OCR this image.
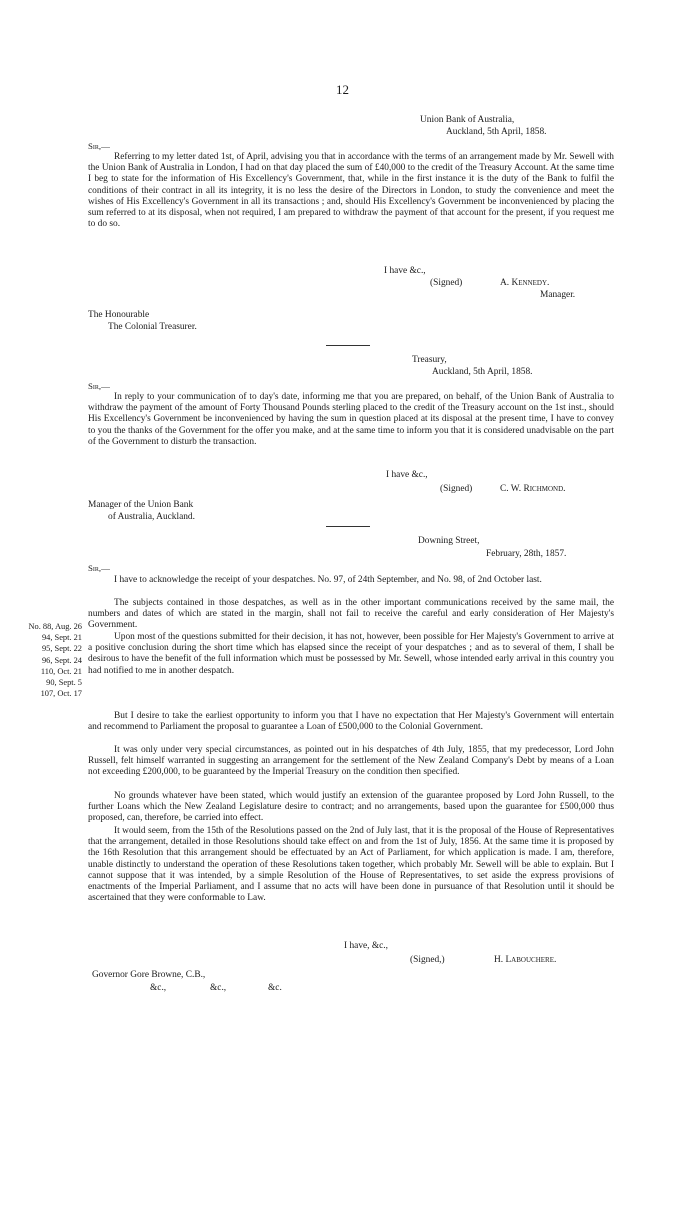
12
Union Bank of Australia,
Auckland, 5th April, 1858.
Sir,—

Referring to my letter dated 1st, of April, advising you that in accordance with the terms of an arrangement made by Mr. Sewell with the Union Bank of Australia in London, I had on that day placed the sum of £40,000 to the credit of the Treasury Account. At the same time I beg to state for the information of His Excellency's Government, that, while in the first instance it is the duty of the Bank to fulfil the conditions of their contract in all its integrity, it is no less the desire of the Directors in London, to study the convenience and meet the wishes of His Excellency's Government in all its transactions ; and, should His Excellency's Government be inconvenienced by placing the sum referred to at its disposal, when not required, I am prepared to withdraw the payment of that account for the present, if you request me to do so.

I have &c.,
(Signed)	A. Kennedy.
Manager.
The Honourable
The Colonial Treasurer.
Treasury,
Auckland, 5th April, 1858.
Sir,—

In reply to your communication of to day's date, informing me that you are prepared, on behalf, of the Union Bank of Australia to withdraw the payment of the amount of Forty Thousand Pounds sterling placed to the credit of the Treasury account on the 1st inst., should His Excellency's Government be inconvenienced by having the sum in question placed at its disposal at the present time, I have to convey to you the thanks of the Government for the offer you make, and at the same time to inform you that it is considered unadvisable on the part of the Government to disturb the transaction.

I have &c.,
(Signed)	C. W. Richmond.
Manager of the Union Bank
of Australia, Auckland.
Downing Street,
February, 28th, 1857.
Sir,—

I have to acknowledge the receipt of your despatches. No. 97, of 24th September, and No. 98, of 2nd October last.

The subjects contained in those despatches, as well as in the other important communications received by the same mail, the numbers and dates of which are stated in the margin, shall not fail to receive the careful and early consideration of Her Majesty's Government.

Upon most of the questions submitted for their decision, it has not, however, been possible for Her Majesty's Government to arrive at a positive conclusion during the short time which has elapsed since the receipt of your despatches ; and as to several of them, I shall be desirous to have the benefit of the full information which must be possessed by Mr. Sewell, whose intended early arrival in this country you had notified to me in another despatch.

But I desire to take the earliest opportunity to inform you that I have no expectation that Her Majesty's Government will entertain and recommend to Parliament the proposal to guarantee a Loan of £500,000 to the Colonial Government.

It was only under very special circumstances, as pointed out in his despatches of 4th July, 1855, that my predecessor, Lord John Russell, felt himself warranted in suggesting an arrangement for the settlement of the New Zealand Company's Debt by means of a Loan not exceeding £200,000, to be guaranteed by the Imperial Treasury on the condition then specified.

No grounds whatever have been stated, which would justify an extension of the guarantee proposed by Lord John Russell, to the further Loans which the New Zealand Legislature desire to contract; and no arrangements, based upon the guarantee for £500,000 thus proposed, can, therefore, be carried into effect.

It would seem, from the 15th of the Resolutions passed on the 2nd of July last, that it is the proposal of the House of Representatives that the arrangement, detailed in those Resolutions should take effect on and from the 1st of July, 1856. At the same time it is proposed by the 16th Resolution that this arrangement should be effectuated by an Act of Parliament, for which application is made. I am, therefore, unable distinctly to understand the operation of these Resolutions taken together, which probably Mr. Sewell will be able to explain. But I cannot suppose that it was intended, by a simple Resolution of the House of Representatives, to set aside the express provisions of enactments of the Imperial Parliament, and I assume that no acts will have been done in pursuance of that Resolution until it should be ascertained that they were conformable to Law.

No. 88, Aug. 26
94, Sept. 21
95, Sept. 22
96, Sept. 24
110, Oct. 21
90, Sept. 5
107, Oct. 17
I have, &c.,
(Signed,)	H. Labouchere.
Governor Gore Browne, C.B.,
&c.,	&c.,	&c.
